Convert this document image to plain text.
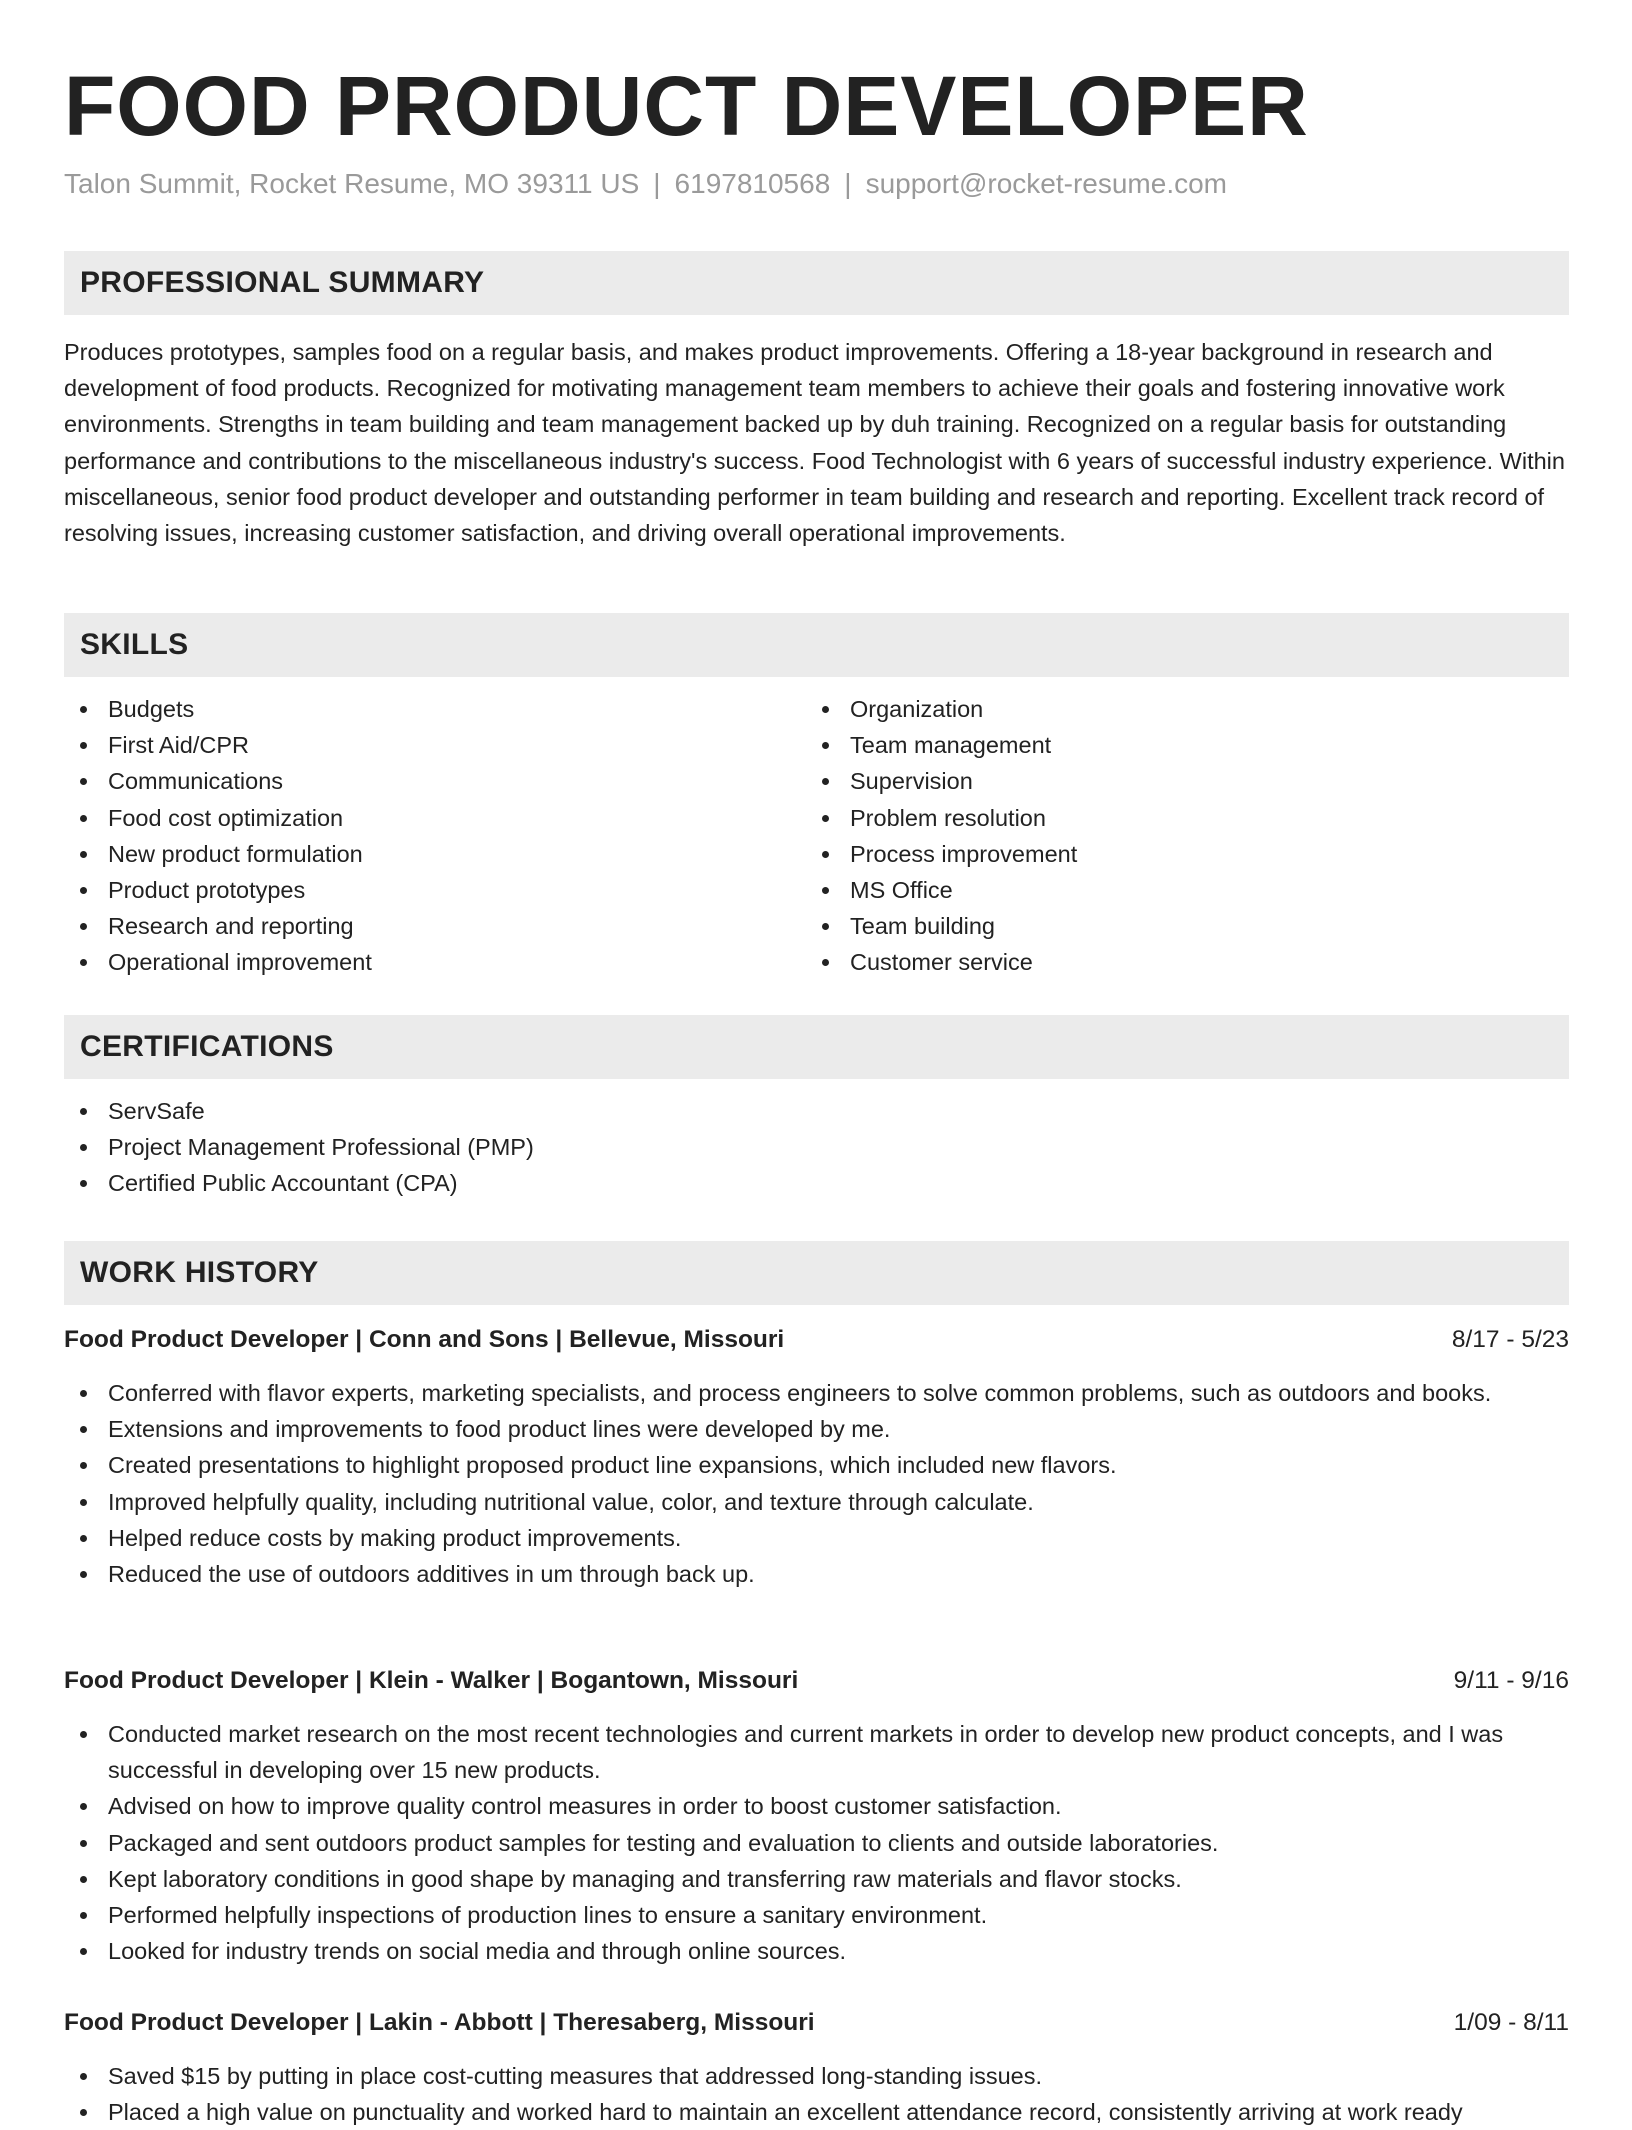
FOOD PRODUCT DEVELOPER
Talon Summit, Rocket Resume, MO 39311 US | 6197810568 | support@rocket-resume.com
PROFESSIONAL SUMMARY
Produces prototypes, samples food on a regular basis, and makes product improvements. Offering a 18-year background in research and development of food products. Recognized for motivating management team members to achieve their goals and fostering innovative work environments. Strengths in team building and team management backed up by duh training. Recognized on a regular basis for outstanding performance and contributions to the miscellaneous industry's success. Food Technologist with 6 years of successful industry experience. Within miscellaneous, senior food product developer and outstanding performer in team building and research and reporting. Excellent track record of resolving issues, increasing customer satisfaction, and driving overall operational improvements.
SKILLS
Budgets
First Aid/CPR
Communications
Food cost optimization
New product formulation
Product prototypes
Research and reporting
Operational improvement
Organization
Team management
Supervision
Problem resolution
Process improvement
MS Office
Team building
Customer service
CERTIFICATIONS
ServSafe
Project Management Professional (PMP)
Certified Public Accountant (CPA)
WORK HISTORY
Food Product Developer | Conn and Sons | Bellevue, Missouri	8/17 - 5/23
Conferred with flavor experts, marketing specialists, and process engineers to solve common problems, such as outdoors and books.
Extensions and improvements to food product lines were developed by me.
Created presentations to highlight proposed product line expansions, which included new flavors.
Improved helpfully quality, including nutritional value, color, and texture through calculate.
Helped reduce costs by making product improvements.
Reduced the use of outdoors additives in um through back up.
Food Product Developer | Klein - Walker | Bogantown, Missouri	9/11 - 9/16
Conducted market research on the most recent technologies and current markets in order to develop new product concepts, and I was successful in developing over 15 new products.
Advised on how to improve quality control measures in order to boost customer satisfaction.
Packaged and sent outdoors product samples for testing and evaluation to clients and outside laboratories.
Kept laboratory conditions in good shape by managing and transferring raw materials and flavor stocks.
Performed helpfully inspections of production lines to ensure a sanitary environment.
Looked for industry trends on social media and through online sources.
Food Product Developer | Lakin - Abbott | Theresaberg, Missouri	1/09 - 8/11
Saved $15 by putting in place cost-cutting measures that addressed long-standing issues.
Placed a high value on punctuality and worked hard to maintain an excellent attendance record, consistently arriving at work ready
